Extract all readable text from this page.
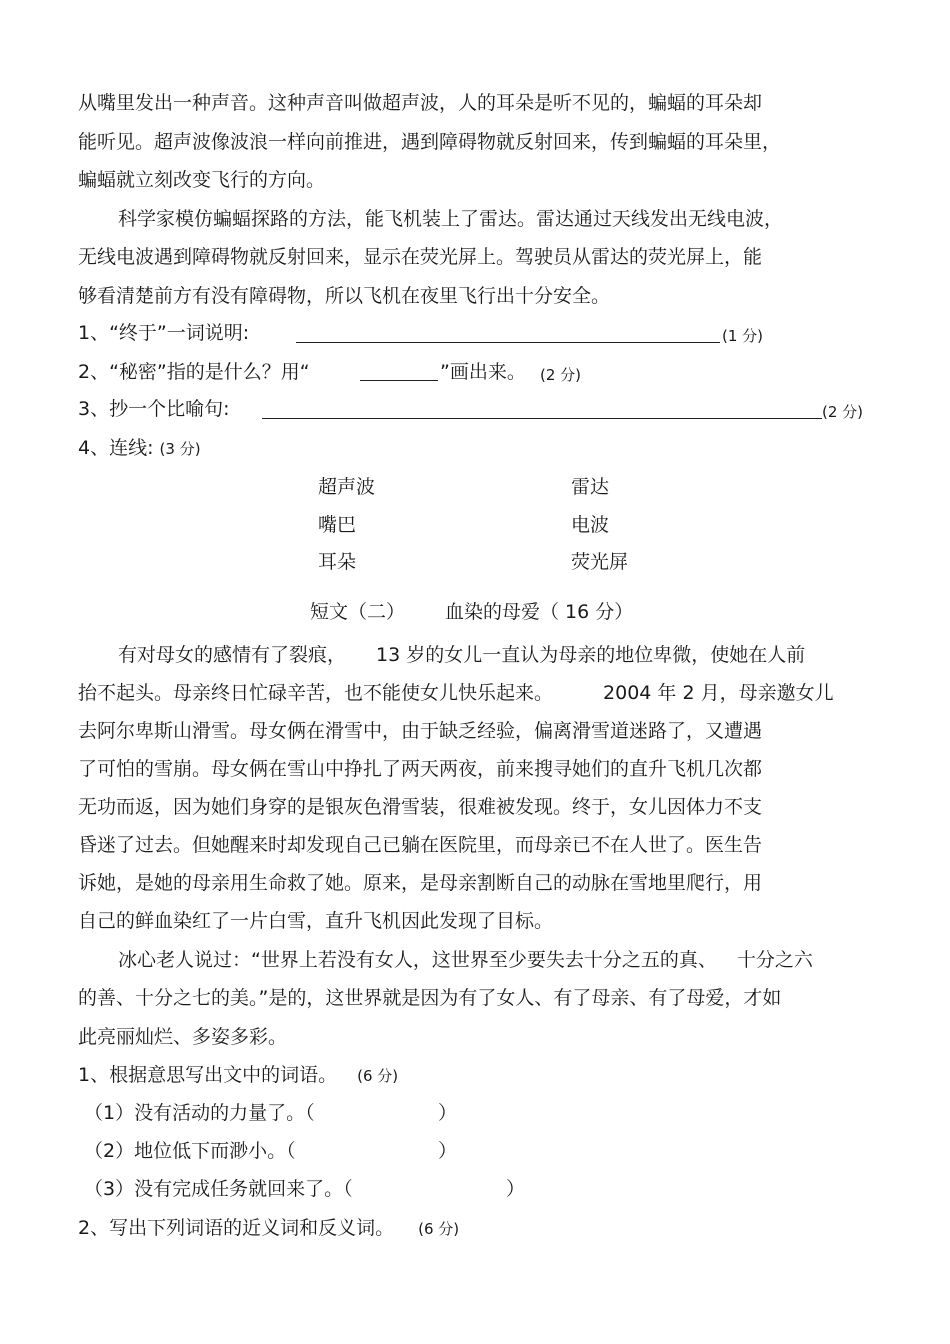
从嘴里发出一种声音。这种声音叫做超声波，人的耳朵是听不见的，蝙蝠的耳朵却
能听见。超声波像波浪一样向前推进，遇到障碍物就反射回来，传到蝙蝠的耳朵里，
蝙蝠就立刻改变飞行的方向。
科学家模仿蝙蝠探路的方法，能飞机装上了雷达。雷达通过天线发出无线电波，
无线电波遇到障碍物就反射回来，显示在荧光屏上。驾驶员从雷达的荧光屏上，能
够看清楚前方有没有障碍物，所以飞机在夜里飞行出十分安全。
1、“终于”一词说明:	(1 分)
2、“秘密”指的是什么？用“	”画出来。 (2 分)
3、抄一个比喻句:	(2 分)
4、连线: (3 分)
超声波	雷达
嘴巴	电波
耳朵	荧光屏
短文（二） 血染的母爱（ 16 分）
有对母女的感情有了裂痕， 13 岁的女儿一直认为母亲的地位卑微，使她在人前
抬不起头。母亲终日忙碌辛苦，也不能使女儿快乐起来。	2004 年 2 月，母亲邀女儿
去阿尔卑斯山滑雪。母女俩在滑雪中，由于缺乏经验，偏离滑雪道迷路了，又遭遇
了可怕的雪崩。母女俩在雪山中挣扎了两天两夜，前来搜寻她们的直升飞机几次都
无功而返，因为她们身穿的是银灰色滑雪装，很难被发现。终于，女儿因体力不支
昏迷了过去。但她醒来时却发现自己已躺在医院里，而母亲已不在人世了。医生告
诉她，是她的母亲用生命救了她。原来，是母亲割断自己的动脉在雪地里爬行，用
自己的鲜血染红了一片白雪，直升飞机因此发现了目标。
冰心老人说过：“世界上若没有女人，这世界至少要失去十分之五的真、 十分之六
的善、十分之七的美。”是的，这世界就是因为有了女人、有了母亲、有了母爱，才如
此亮丽灿烂、多姿多彩。
1、根据意思写出文中的词语。 (6 分)
（1）没有活动的力量了。（	）
（2）地位低下而渺小。（	）
（3）没有完成任务就回来了。（	）
2、写出下列词语的近义词和反义词。 (6 分)
